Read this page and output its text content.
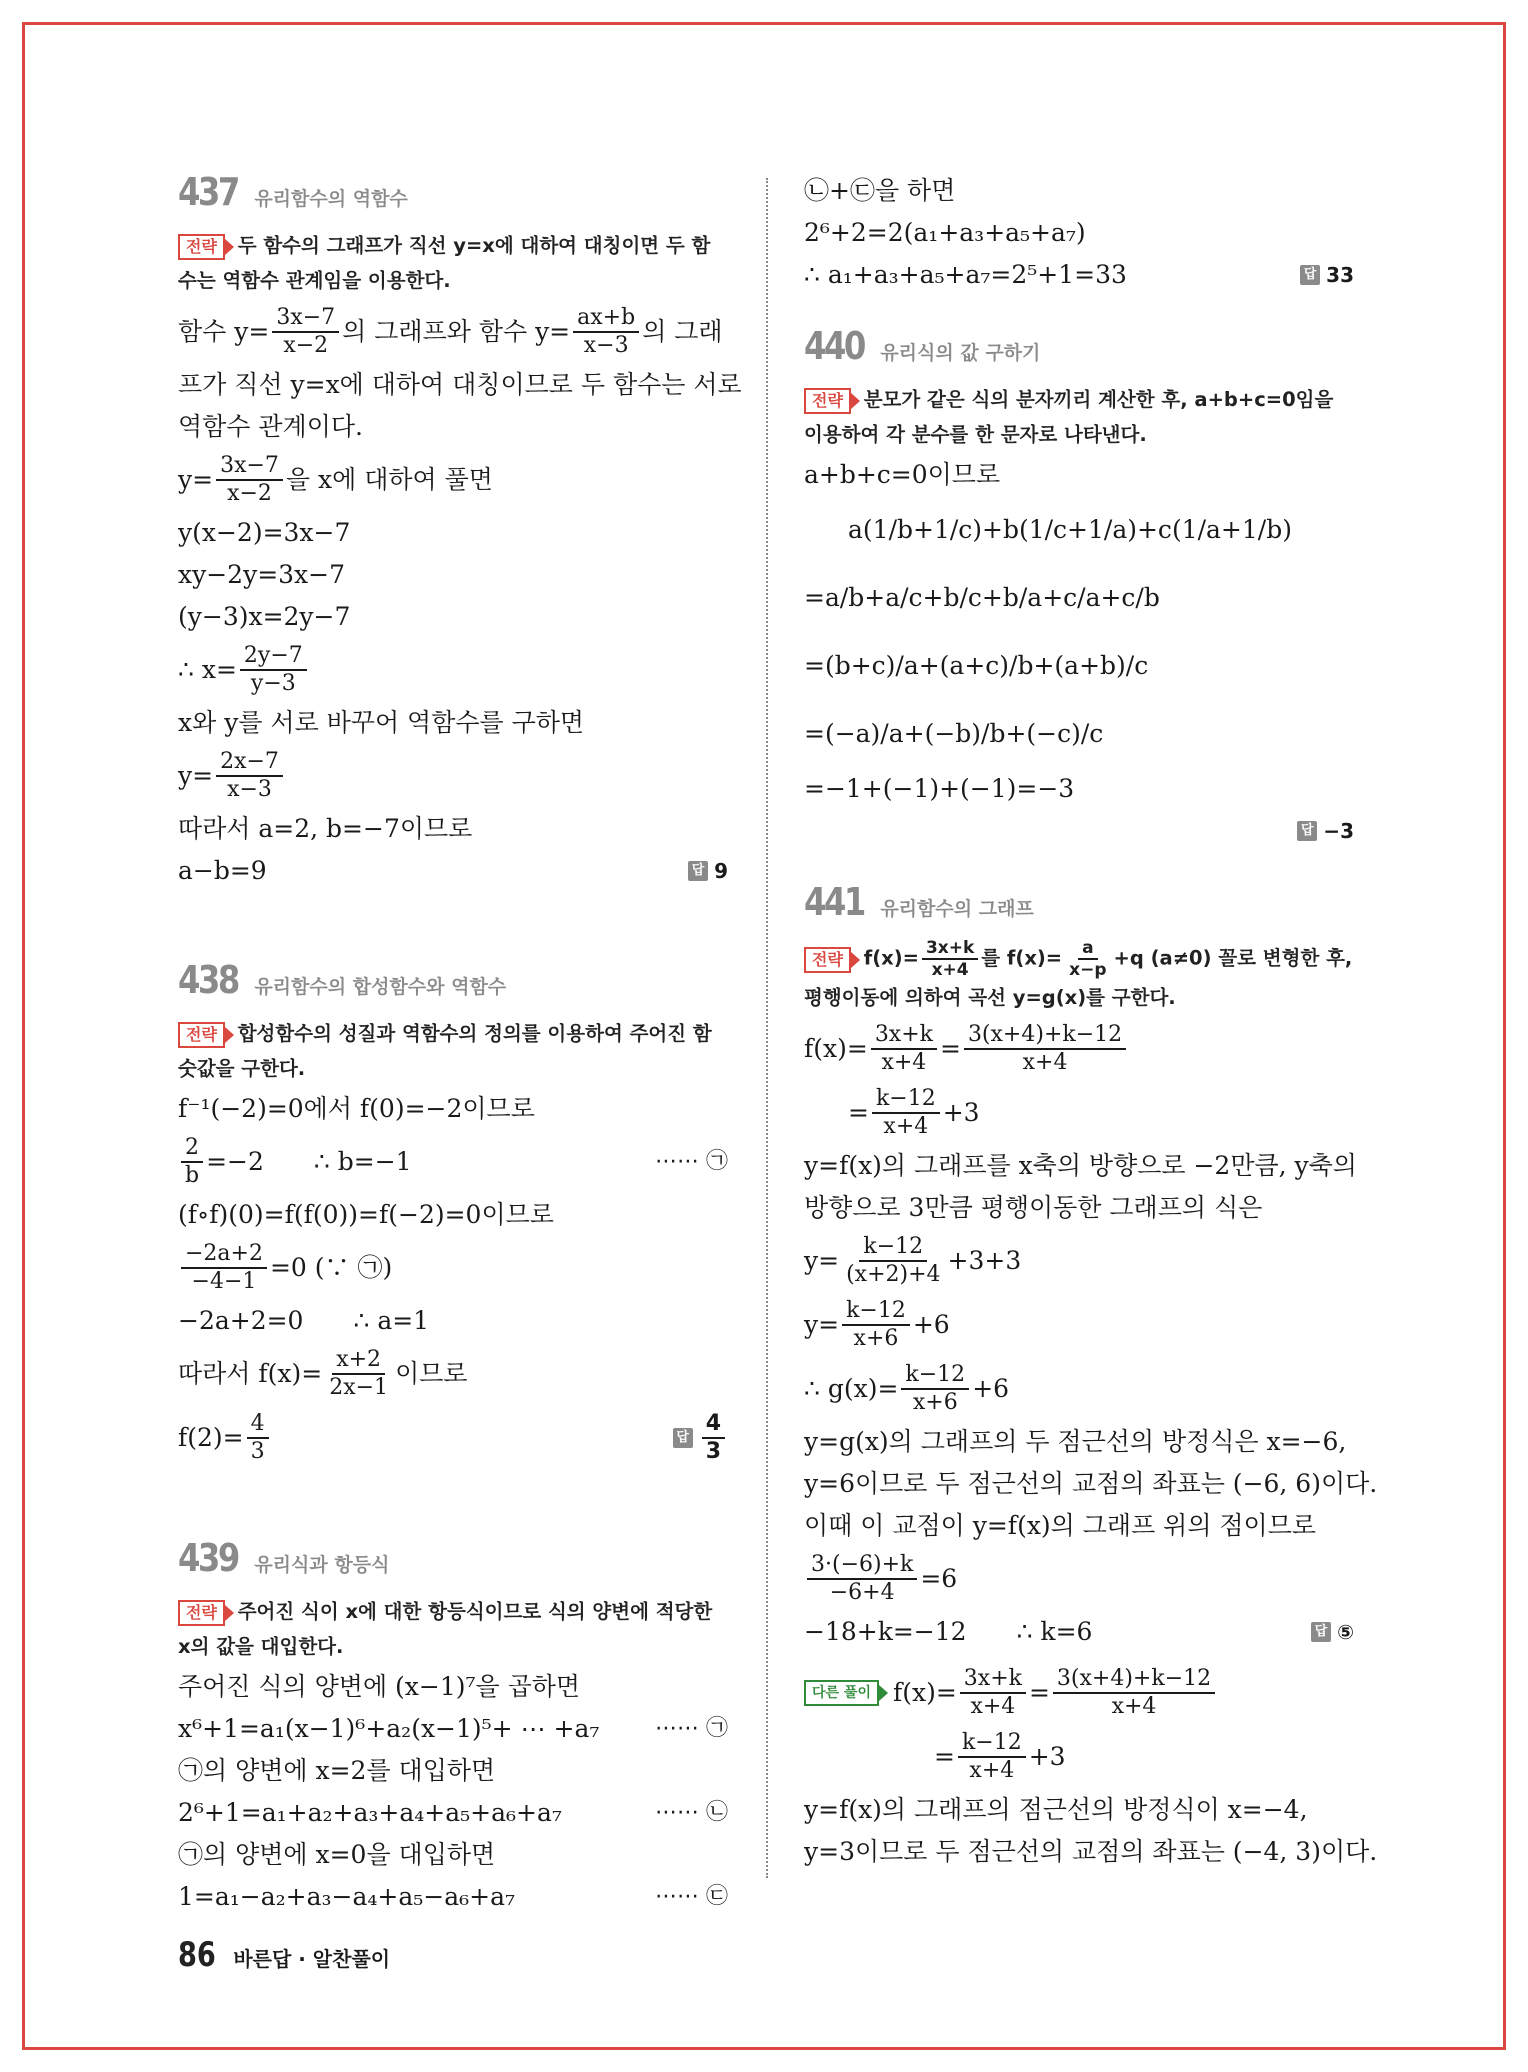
437 유리함수의 역함수
전략 두 함수의 그래프가 직선 y=x에 대하여 대칭이면 두 함수는 역함수 관계임을 이용한다.
함수 $y= \frac{3x-7}{x-2}$ 의 그래프와 함수 $y= \frac{ax+b}{x-3}$ 의 그래
프가 직선 y=x에 대하여 대칭이므로 두 함수는 서로
역함수 관계이다.
$y= \frac{3x-7}{x-2}$ 을 x에 대하여 풀면
y(x−2)=3x−7
xy−2y=3x−7
(y−3)x=2y−7
∴ $x= \frac{2y-7}{y-3}$
x와 y를 서로 바꾸어 역함수를 구하면
$y= \frac{2x-7}{x-3}$
따라서 a=2, b=−7이므로
a−b=9	답 9
438 유리함수의 합성함수와 역함수
전략 합성함수의 성질과 역함수의 정의를 이용하여 주어진 함숫값을 구한다.
f⁻¹(−2)=0에서 f(0)=−2이므로
$\frac{2}{b} =-2$ ∴ b=−1	⋯⋯ ㉠
(f∘f)(0)=f(f(0))=f(−2)=0이므로
$\frac{-2a+2}{-4-1} =0$ (∵ ㉠)
−2a+2=0 ∴ a=1
따라서 $f(x)= \frac{x+2}{2x-1}$ 이므로
$f(2)= \frac{4}{3}$	답 $\frac{4}{3}$
439 유리식과 항등식
전략 주어진 식이 x에 대한 항등식이므로 식의 양변에 적당한 x의 값을 대입한다.
주어진 식의 양변에 (x−1)⁷을 곱하면
x⁶+1=a₁(x−1)⁶+a₂(x−1)⁵+ ⋯ +a₇	⋯⋯ ㉠
㉠의 양변에 x=2를 대입하면
2⁶+1=a₁+a₂+a₃+a₄+a₅+a₆+a₇	⋯⋯ ㉡
㉠의 양변에 x=0을 대입하면
1=a₁−a₂+a₃−a₄+a₅−a₆+a₇	⋯⋯ ㉢
㉡+㉢을 하면
2⁶+2=2(a₁+a₃+a₅+a₇)
∴ a₁+a₃+a₅+a₇=2⁵+1=33	답 33
440 유리식의 값 구하기
전략 분모가 같은 식의 분자끼리 계산한 후, a+b+c=0임을 이용하여 각 분수를 한 문자로 나타낸다.
a+b+c=0이므로
a(1/b+1/c)+b(1/c+1/a)+c(1/a+1/b)
=a/b+a/c+b/c+b/a+c/a+c/b
=(b+c)/a+(a+c)/b+(a+b)/c
=(−a)/a+(−b)/b+(−c)/c
=−1+(−1)+(−1)=−3
답 −3
441 유리함수의 그래프
전략 $f(x)= \frac{3x+k}{x+4}$ 를 $f(x)= \frac{a}{x-p} +q$ (a≠0) 꼴로 변형한 후, 평행이동에 의하여 곡선 y=g(x)를 구한다.
$f(x)= \frac{3x+k}{x+4} = \frac{3(x+4)+k-12}{x+4}$
= $\frac{k-12}{x+4} +3$
y=f(x)의 그래프를 x축의 방향으로 −2만큼, y축의
방향으로 3만큼 평행이동한 그래프의 식은
$y= \frac{k-12}{(x+2)+4} +3+3$
$y= \frac{k-12}{x+6} +6$
∴ $g(x)= \frac{k-12}{x+6} +6$
y=g(x)의 그래프의 두 점근선의 방정식은 x=−6,
y=6이므로 두 점근선의 교점의 좌표는 (−6, 6)이다.
이때 이 교점이 y=f(x)의 그래프 위의 점이므로
$\frac{3\cdot(-6)+k}{-6+4} =6$
−18+k=−12 ∴ k=6	답 ⑤
다른 풀이 $f(x)= \frac{3x+k}{x+4} = \frac{3(x+4)+k-12}{x+4}$
= $\frac{k-12}{x+4} +3$
y=f(x)의 그래프의 점근선의 방정식이 x=−4,
y=3이므로 두 점근선의 교점의 좌표는 (−4, 3)이다.
86 바른답 · 알찬풀이
